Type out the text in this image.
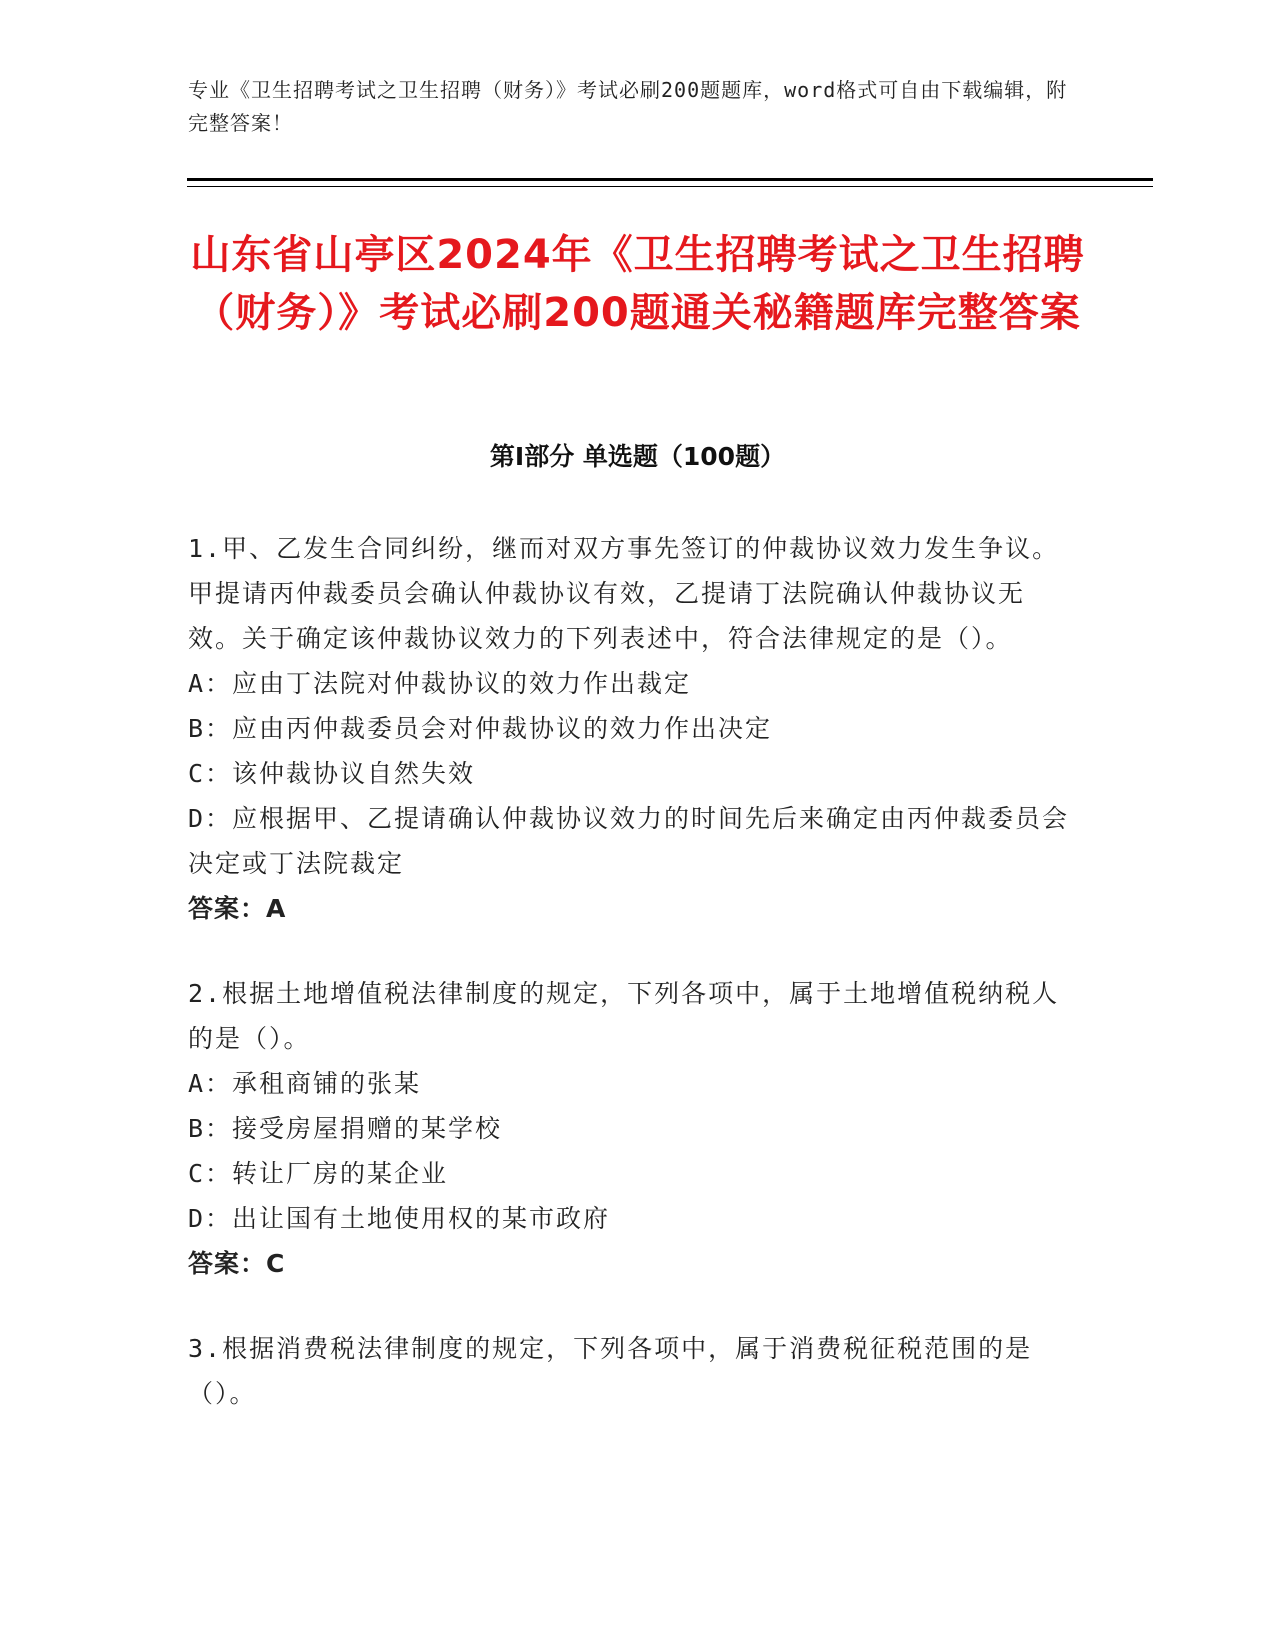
专业《卫生招聘考试之卫生招聘（财务）》考试必刷200题题库，word格式可自由下载编辑，附完整答案！
山东省山亭区2024年《卫生招聘考试之卫生招聘（财务）》考试必刷200题通关秘籍题库完整答案
第Ⅰ部分 单选题（100题）
1.甲、乙发生合同纠纷，继而对双方事先签订的仲裁协议效力发生争议。甲提请丙仲裁委员会确认仲裁协议有效，乙提请丁法院确认仲裁协议无效。关于确定该仲裁协议效力的下列表述中，符合法律规定的是（）。
A：应由丁法院对仲裁协议的效力作出裁定
B：应由丙仲裁委员会对仲裁协议的效力作出决定
C：该仲裁协议自然失效
D：应根据甲、乙提请确认仲裁协议效力的时间先后来确定由丙仲裁委员会决定或丁法院裁定
答案：A
2.根据土地增值税法律制度的规定，下列各项中，属于土地增值税纳税人的是（）。
A：承租商铺的张某
B：接受房屋捐赠的某学校
C：转让厂房的某企业
D：出让国有土地使用权的某市政府
答案：C
3.根据消费税法律制度的规定，下列各项中，属于消费税征税范围的是（）。
